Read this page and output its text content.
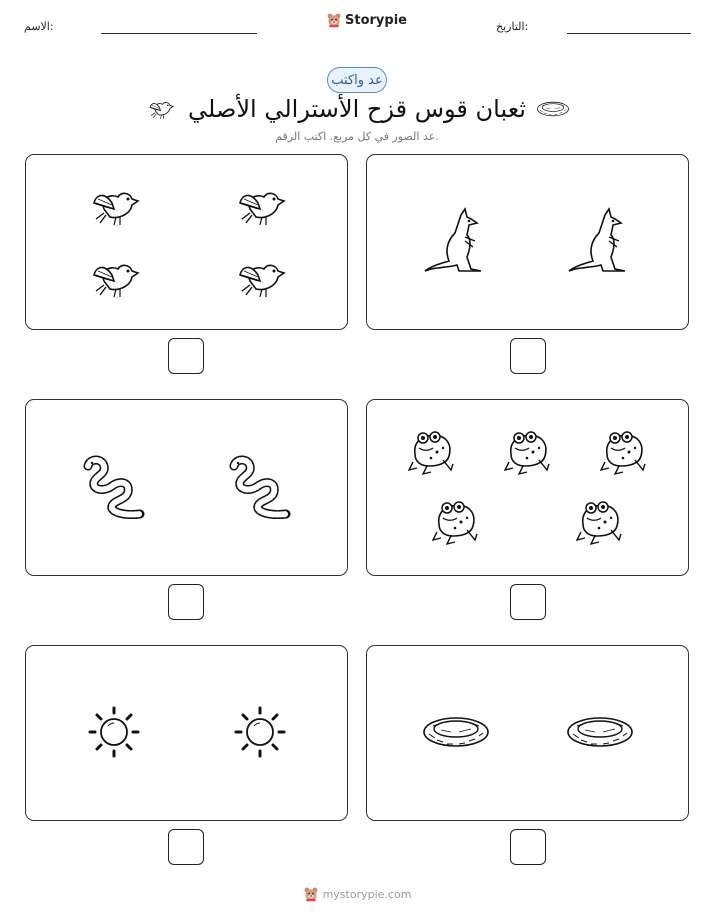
الاسم:	Storypie	التاريخ:
عد واكتب
ثعبان قوس قزح الأسترالي الأصلي
عد الصور في كل مربع. اكتب الرقم.
mystorypie.com
